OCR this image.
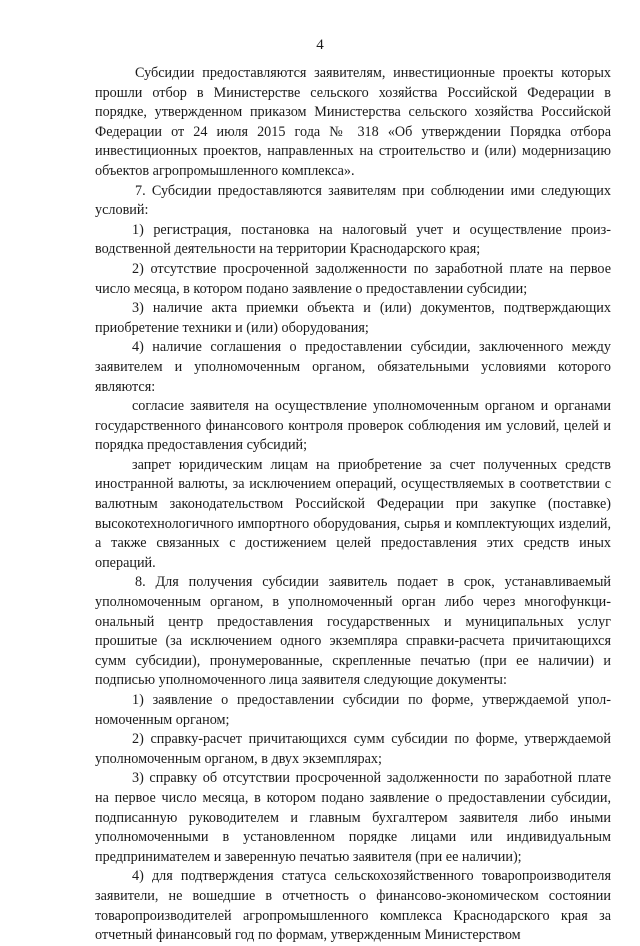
4

Субсидии предоставляются заявителям, инвестиционные проекты которых прошли отбор в Министерстве сельского хозяйства Российской Федерации в порядке, утвержденном приказом Министерства сельского хозяйства Российской Федерации от 24 июля 2015 года № 318 «Об утверждении Порядка отбора инвестиционных проектов, направленных на строительство и (или) модернизацию объектов агропромышленного комплекса».

7. Субсидии предоставляются заявителям при соблюдении ими следующих условий:

1) регистрация, постановка на налоговый учет и осуществление производственной деятельности на территории Краснодарского края;

2) отсутствие просроченной задолженности по заработной плате на первое число месяца, в котором подано заявление о предоставлении субсидии;

3) наличие акта приемки объекта и (или) документов, подтверждающих приобретение техники и (или) оборудования;

4) наличие соглашения о предоставлении субсидии, заключенного между заявителем и уполномоченным органом, обязательными условиями которого являются:

согласие заявителя на осуществление уполномоченным органом и органами государственного финансового контроля проверок соблюдения им условий, целей и порядка предоставления субсидий;

запрет юридическим лицам на приобретение за счет полученных средств иностранной валюты, за исключением операций, осуществляемых в соответствии с валютным законодательством Российской Федерации при закупке (поставке) высокотехнологичного импортного оборудования, сырья и комплектующих изделий, а также связанных с достижением целей предоставления этих средств иных операций.

8. Для получения субсидии заявитель подает в срок, устанавливаемый уполномоченным органом, в уполномоченный орган либо через многофункциональный центр предоставления государственных и муниципальных услуг прошитые (за исключением одного экземпляра справки-расчета причитающихся сумм субсидии), пронумерованные, скрепленные печатью (при ее наличии) и подписью уполномоченного лица заявителя следующие документы:

1) заявление о предоставлении субсидии по форме, утверждаемой уполномоченным органом;

2) справку-расчет причитающихся сумм субсидии по форме, утверждаемой уполномоченным органом, в двух экземплярах;

3) справку об отсутствии просроченной задолженности по заработной плате на первое число месяца, в котором подано заявление о предоставлении субсидии, подписанную руководителем и главным бухгалтером заявителя либо иными уполномоченными в установленном порядке лицами или индивидуальным предпринимателем и заверенную печатью заявителя (при ее наличии);

4) для подтверждения статуса сельскохозяйственного товаропроизводителя заявители, не вошедшие в отчетность о финансово-экономическом состоянии товаропроизводителей агропромышленного комплекса Краснодарского края за отчетный финансовый год по формам, утвержденным Министерством
